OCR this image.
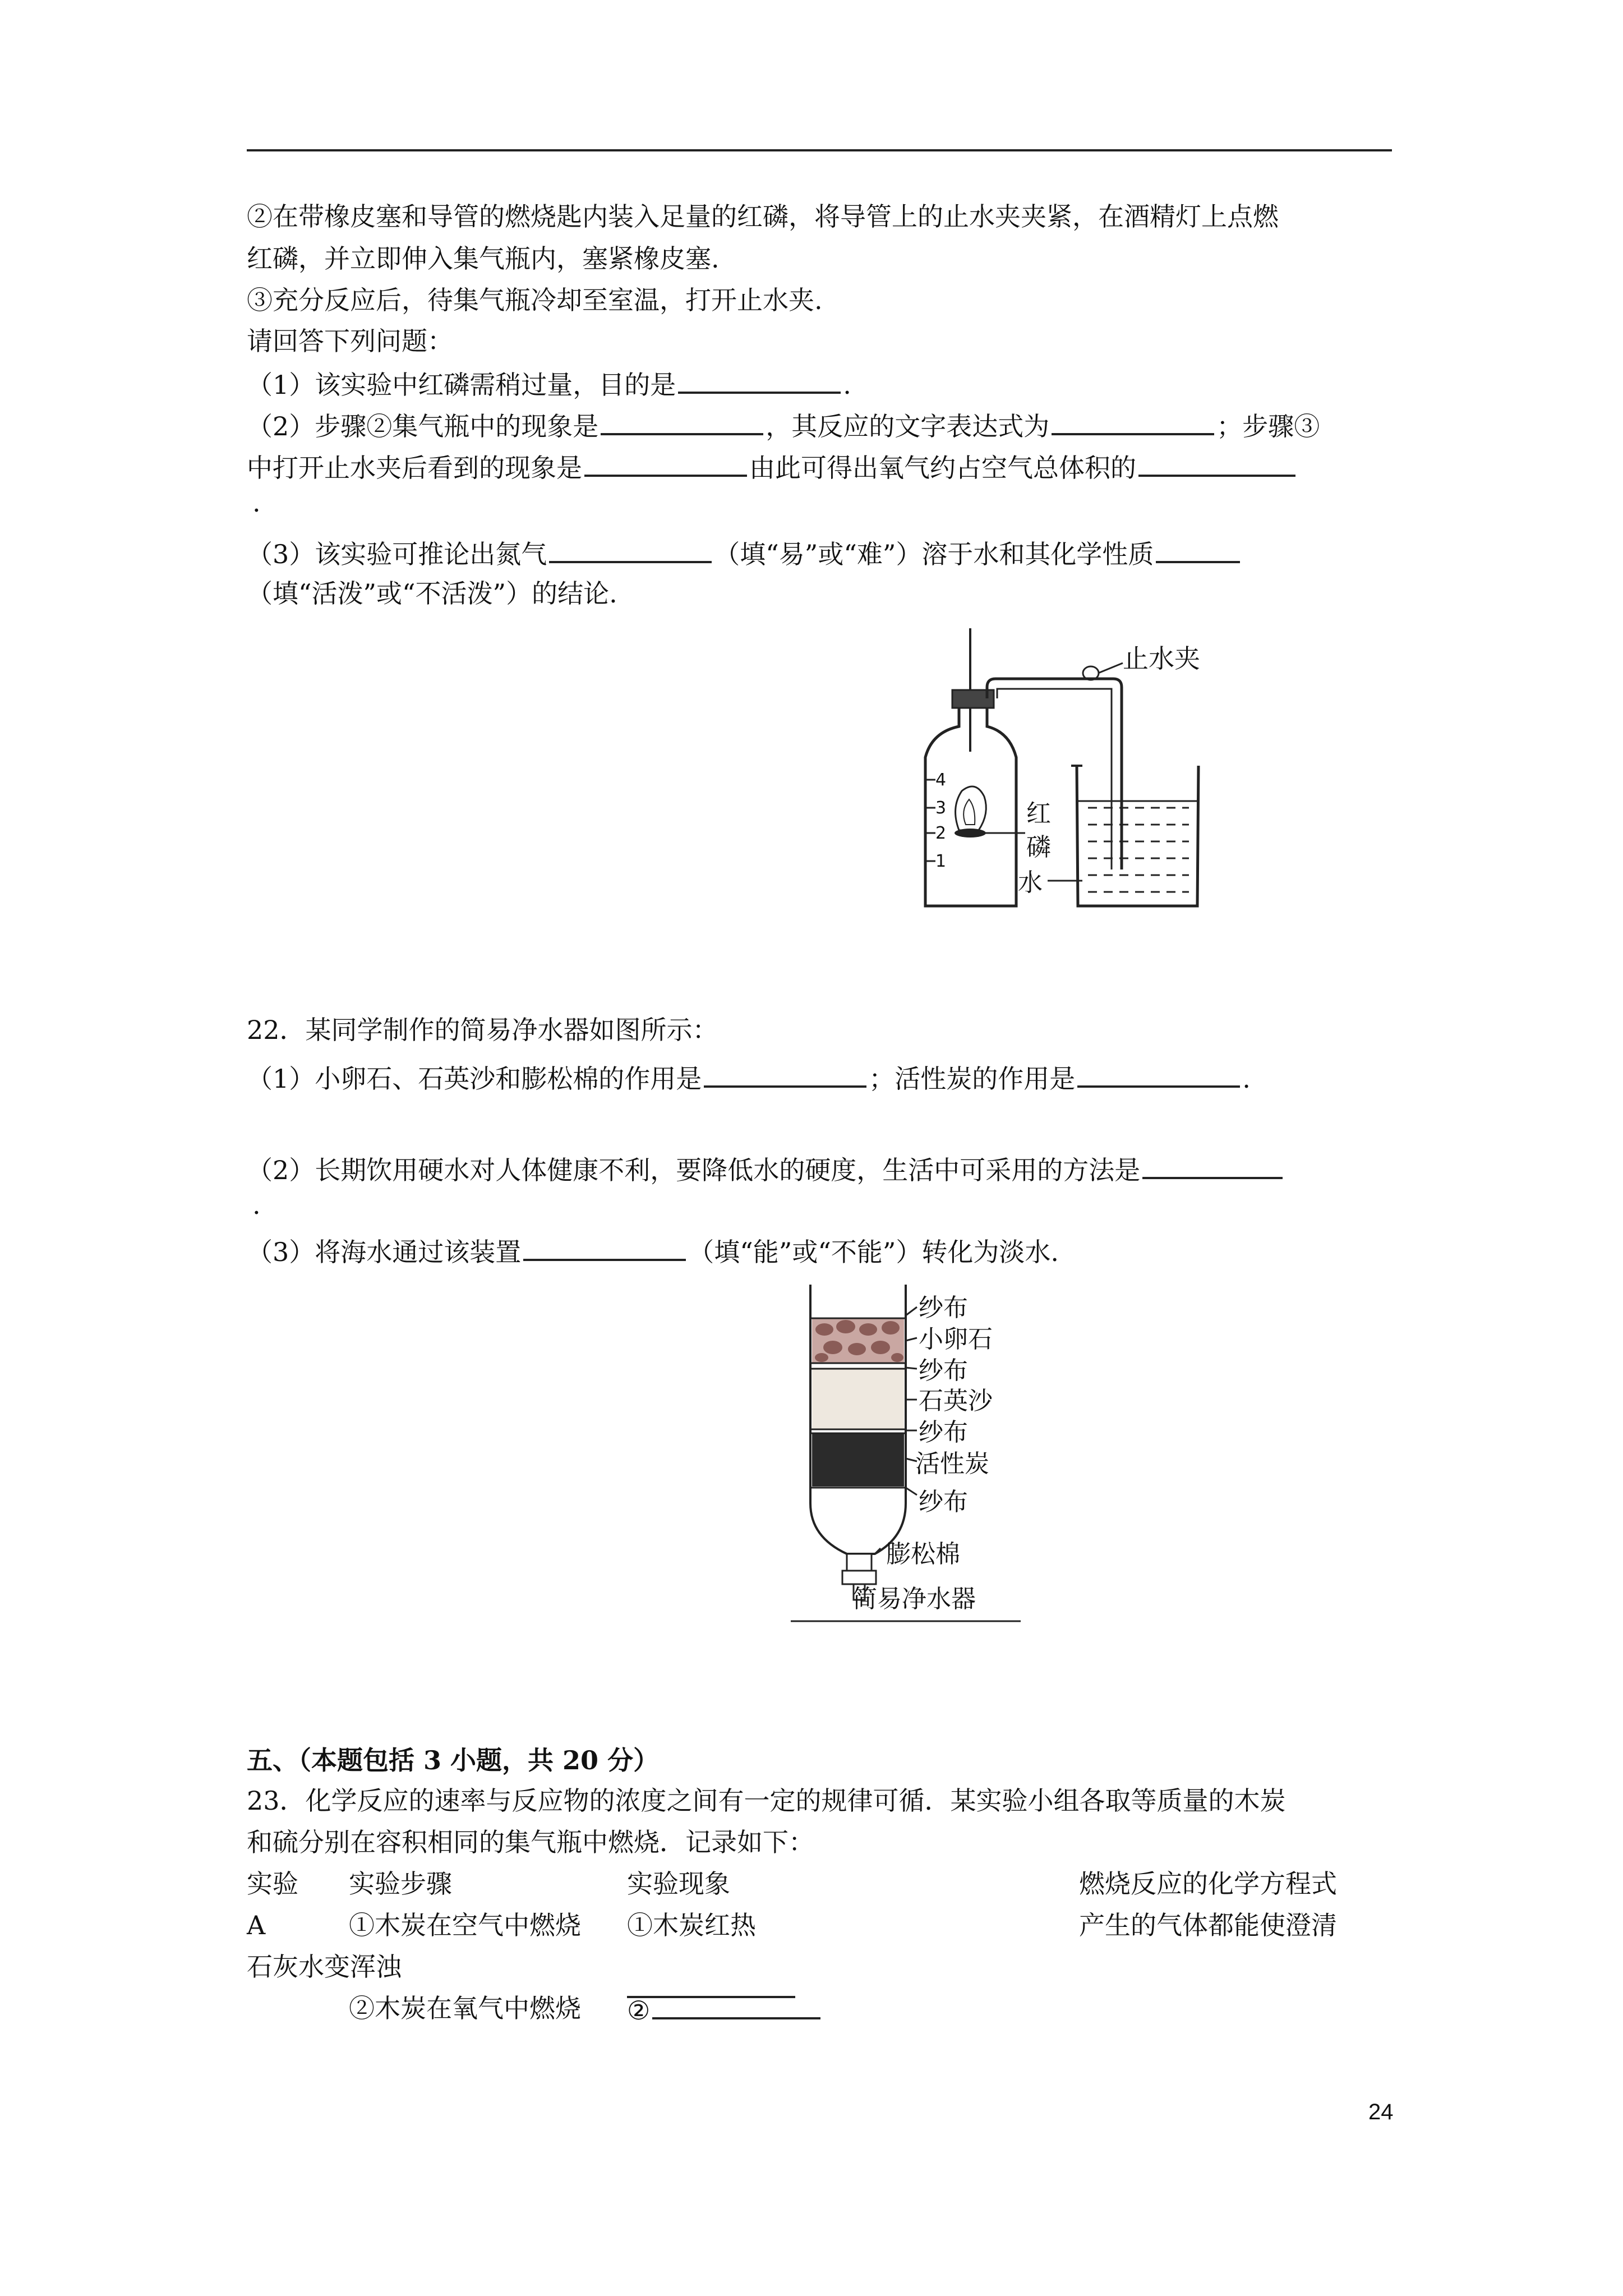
②在带橡皮塞和导管的燃烧匙内装入足量的红磷，将导管上的止水夹夹紧，在酒精灯上点燃
红磷，并立即伸入集气瓶内，塞紧橡皮塞.
③充分反应后，待集气瓶冷却至室温，打开止水夹.
请回答下列问题：
（1）该实验中红磷需稍过量，目的是	.
（2）步骤②集气瓶中的现象是	，其反应的文字表达式为	；步骤③
中打开止水夹后看到的现象是	由此可得出氧气约占空气总体积的
.
（3）该实验可推论出氮气	（填“易”或“难”）溶于水和其化学性质
（填“活泼”或“不活泼”）的结论.
4
3
2
1
止水夹
红
磷
水
22．某同学制作的简易净水器如图所示：
（1）小卵石、石英沙和膨松棉的作用是	；活性炭的作用是	.
（2）长期饮用硬水对人体健康不利，要降低水的硬度，生活中可采用的方法是
.
（3）将海水通过该装置	（填“能”或“不能”）转化为淡水.
纱布
小卵石
纱布
石英沙
纱布
活性炭
纱布
膨松棉
简易净水器
五、（本题包括 3 小题，共 20 分）
23．化学反应的速率与反应物的浓度之间有一定的规律可循．某实验小组各取等质量的木炭
和硫分别在容积相同的集气瓶中燃烧．记录如下：
实验 实验步骤	实验现象	燃烧反应的化学方程式
A	①木炭在空气中燃烧 ①木炭红热	产生的气体都能使澄清
石灰水变浑浊
②木炭在氧气中燃烧 ②
24
